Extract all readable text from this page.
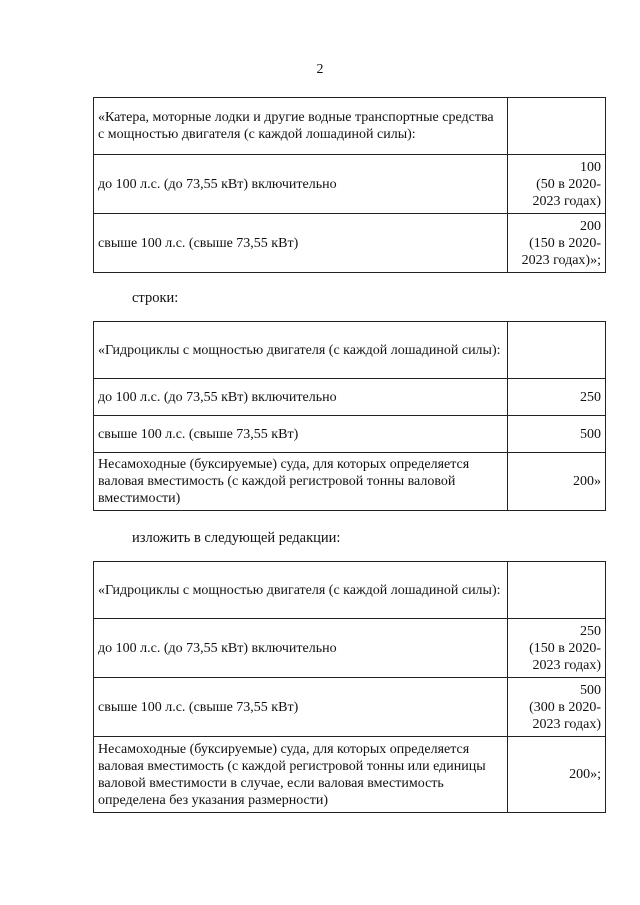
2
«Катера, моторные лодки и другие водные транспортные средства с мощностью двигателя (с каждой лошадиной силы):	
до 100 л.с. (до 73,55 кВт) включительно	100
(50 в 2020-
2023 годах)
свыше 100 л.с. (свыше 73,55 кВт)	200
(150 в 2020-
2023 годах)»;
строки:
«Гидроциклы с мощностью двигателя (с каждой лошадиной силы):	
до 100 л.с. (до 73,55 кВт) включительно	250
свыше 100 л.с. (свыше 73,55 кВт)	500
Несамоходные (буксируемые) суда, для которых определяется валовая вместимость (с каждой регистровой тонны валовой вместимости)	200»
изложить в следующей редакции:
«Гидроциклы с мощностью двигателя (с каждой лошадиной силы):	
до 100 л.с. (до 73,55 кВт) включительно	250
(150 в 2020-
2023 годах)
свыше 100 л.с. (свыше 73,55 кВт)	500
(300 в 2020-
2023 годах)
Несамоходные (буксируемые) суда, для которых определяется валовая вместимость (с каждой регистровой тонны или единицы валовой вместимости в случае, если валовая вместимость определена без указания размерности)	200»;
